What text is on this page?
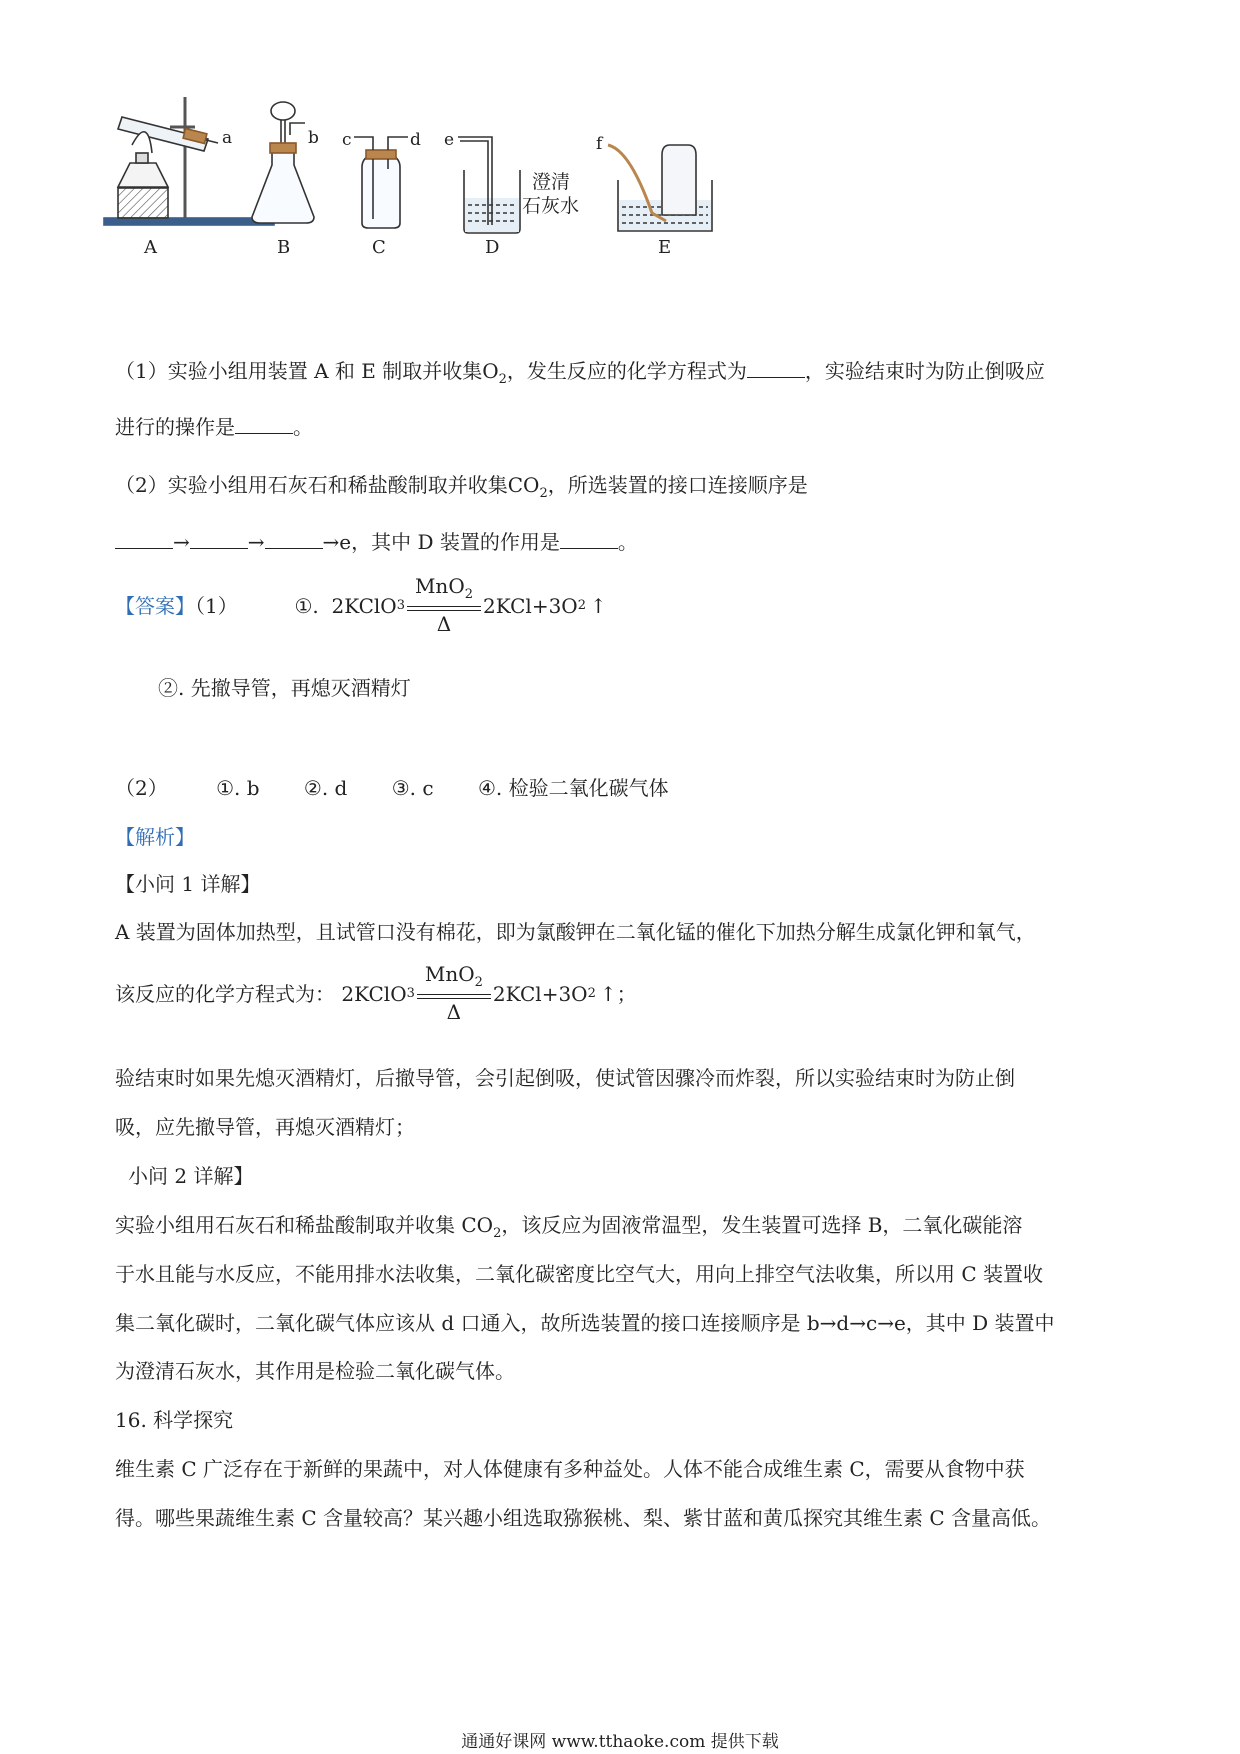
a	b c	d e	f
澄清
石灰水
A	B	C	D	E
（1）实验小组用装置 A 和 E 制取并收集$O_2$，发生反应的化学方程式为	，实验结束时为防止倒吸应
进行的操作是	。
（2）实验小组用石灰石和稀盐酸制取并收集$CO_2$，所选装置的接口连接顺序是
→	→	→e，其中 D 装置的作用是	。
【答案】（1）	①. 2KClO 3
MnO$_2$
Δ
2KCl+3O 2 ↑
②. 先撤导管，再熄灭酒精灯
（2） ①. b ②. d ③. c ④. 检验二氧化碳气体
【解析】
【小问 1 详解】
A 装置为固体加热型，且试管口没有棉花，即为氯酸钾在二氧化锰的催化下加热分解生成氯化钾和氧气，
该反应的化学方程式为： 2KClO 3
MnO$_2$
Δ
2KCl+3O 2 ↑ ；
验结束时如果先熄灭酒精灯，后撤导管，会引起倒吸，使试管因骤冷而炸裂，所以实验结束时为防止倒
吸，应先撤导管，再熄灭酒精灯；
小问 2 详解】
实验小组用石灰石和稀盐酸制取并收集 $CO_2$，该反应为固液常温型，发生装置可选择 B，二氧化碳能溶
于水且能与水反应，不能用排水法收集，二氧化碳密度比空气大，用向上排空气法收集，所以用 C 装置收
集二氧化碳时，二氧化碳气体应该从 d 口通入，故所选装置的接口连接顺序是 b→d→c→e，其中 D 装置中
为澄清石灰水，其作用是检验二氧化碳气体。
16. 科学探究
维生素 C 广泛存在于新鲜的果蔬中，对人体健康有多种益处。人体不能合成维生素 C，需要从食物中获
得。哪些果蔬维生素 C 含量较高？某兴趣小组选取猕猴桃、梨、紫甘蓝和黄瓜探究其维生素 C 含量高低。
通通好课网 www.tthaoke.com 提供下载
